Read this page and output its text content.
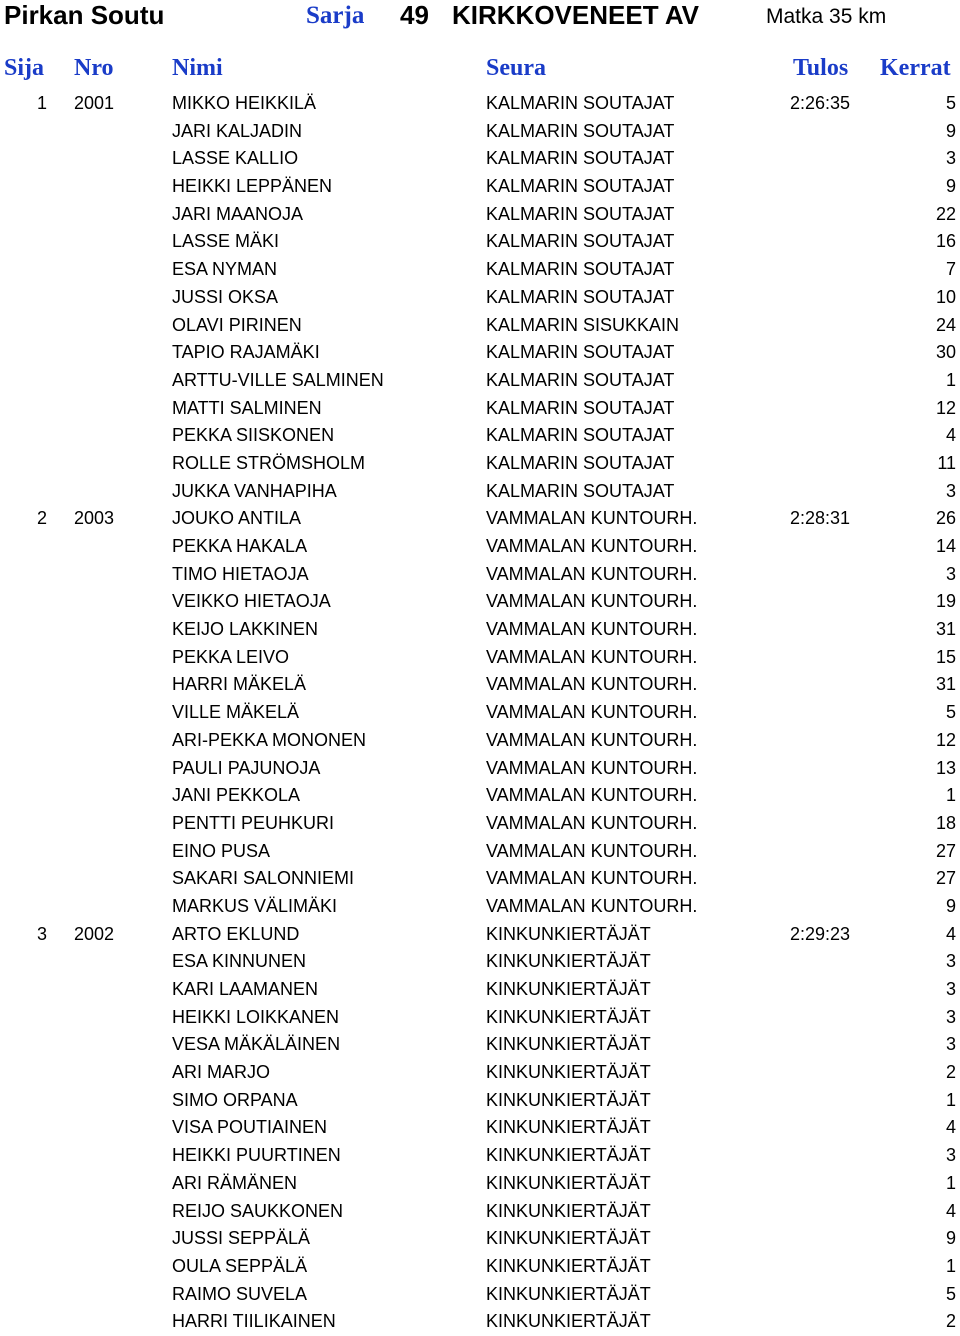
Pirkan Soutu	Sarja 49 KIRKKOVENEET AV	Matka 35 km
Sija Nro Nimi	Seura	Tulos Kerrat
1 2001	MIKKO HEIKKILÄ	KALMARIN SOUTAJAT	2:26:35	5
JARI KALJADIN	KALMARIN SOUTAJAT	9
LASSE KALLIO	KALMARIN SOUTAJAT	3
HEIKKI LEPPÄNEN	KALMARIN SOUTAJAT	9
JARI MAANOJA	KALMARIN SOUTAJAT	22
LASSE MÄKI	KALMARIN SOUTAJAT	16
ESA NYMAN	KALMARIN SOUTAJAT	7
JUSSI OKSA	KALMARIN SOUTAJAT	10
OLAVI PIRINEN	KALMARIN SISUKKAIN	24
TAPIO RAJAMÄKI	KALMARIN SOUTAJAT	30
ARTTU-VILLE SALMINEN	KALMARIN SOUTAJAT	1
MATTI SALMINEN	KALMARIN SOUTAJAT	12
PEKKA SIISKONEN	KALMARIN SOUTAJAT	4
ROLLE STRÖMSHOLM	KALMARIN SOUTAJAT	11
JUKKA VANHAPIHA	KALMARIN SOUTAJAT	3
2 2003	JOUKO ANTILA	VAMMALAN KUNTOURH.	2:28:31	26
PEKKA HAKALA	VAMMALAN KUNTOURH.	14
TIMO HIETAOJA	VAMMALAN KUNTOURH.	3
VEIKKO HIETAOJA	VAMMALAN KUNTOURH.	19
KEIJO LAKKINEN	VAMMALAN KUNTOURH.	31
PEKKA LEIVO	VAMMALAN KUNTOURH.	15
HARRI MÄKELÄ	VAMMALAN KUNTOURH.	31
VILLE MÄKELÄ	VAMMALAN KUNTOURH.	5
ARI-PEKKA MONONEN	VAMMALAN KUNTOURH.	12
PAULI PAJUNOJA	VAMMALAN KUNTOURH.	13
JANI PEKKOLA	VAMMALAN KUNTOURH.	1
PENTTI PEUHKURI	VAMMALAN KUNTOURH.	18
EINO PUSA	VAMMALAN KUNTOURH.	27
SAKARI SALONNIEMI	VAMMALAN KUNTOURH.	27
MARKUS VÄLIMÄKI	VAMMALAN KUNTOURH.	9
3 2002	ARTO EKLUND	KINKUNKIERTÄJÄT	2:29:23	4
ESA KINNUNEN	KINKUNKIERTÄJÄT	3
KARI LAAMANEN	KINKUNKIERTÄJÄT	3
HEIKKI LOIKKANEN	KINKUNKIERTÄJÄT	3
VESA MÄKÄLÄINEN	KINKUNKIERTÄJÄT	3
ARI MARJO	KINKUNKIERTÄJÄT	2
SIMO ORPANA	KINKUNKIERTÄJÄT	1
VISA POUTIAINEN	KINKUNKIERTÄJÄT	4
HEIKKI PUURTINEN	KINKUNKIERTÄJÄT	3
ARI RÄMÄNEN	KINKUNKIERTÄJÄT	1
REIJO SAUKKONEN	KINKUNKIERTÄJÄT	4
JUSSI SEPPÄLÄ	KINKUNKIERTÄJÄT	9
OULA SEPPÄLÄ	KINKUNKIERTÄJÄT	1
RAIMO SUVELA	KINKUNKIERTÄJÄT	5
HARRI TIILIKAINEN	KINKUNKIERTÄJÄT	2
